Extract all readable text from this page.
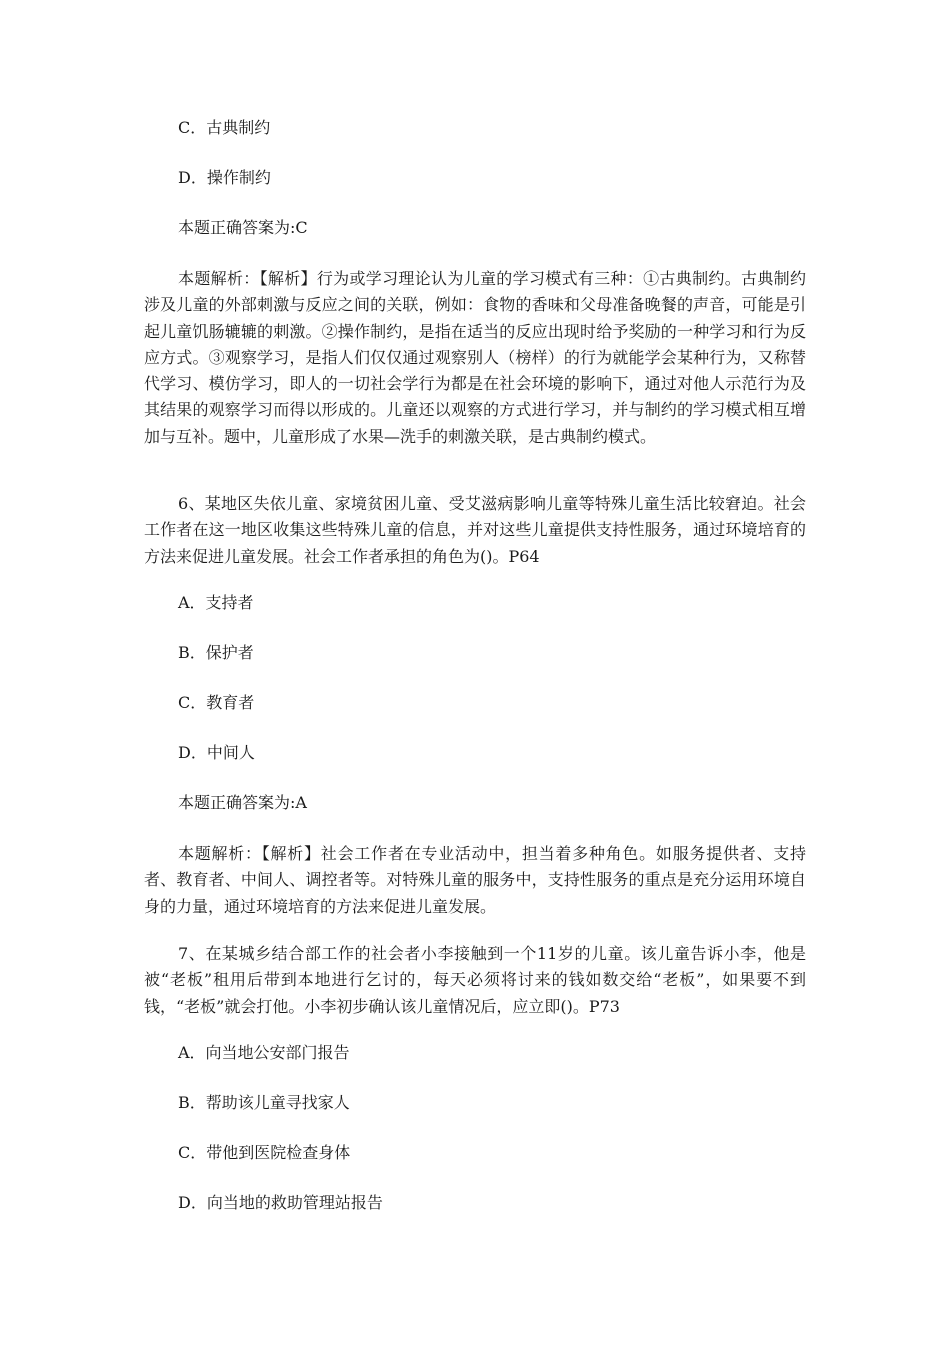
C．古典制约
D．操作制约
本题正确答案为:C
本题解析：【解析】行为或学习理论认为儿童的学习模式有三种：①古典制约。古典制约涉及儿童的外部刺激与反应之间的关联，例如：食物的香味和父母准备晚餐的声音，可能是引起儿童饥肠辘辘的刺激。②操作制约，是指在适当的反应出现时给予奖励的一种学习和行为反应方式。③观察学习，是指人们仅仅通过观察别人（榜样）的行为就能学会某种行为，又称替代学习、模仿学习，即人的一切社会学行为都是在社会环境的影响下，通过对他人示范行为及其结果的观察学习而得以形成的。儿童还以观察的方式进行学习，并与制约的学习模式相互增加与互补。题中，儿童形成了水果—洗手的刺激关联，是古典制约模式。
6、某地区失依儿童、家境贫困儿童、受艾滋病影响儿童等特殊儿童生活比较窘迫。社会工作者在这一地区收集这些特殊儿童的信息，并对这些儿童提供支持性服务，通过环境培育的方法来促进儿童发展。社会工作者承担的角色为()。P64
A．支持者
B．保护者
C．教育者
D．中间人
本题正确答案为:A
本题解析：【解析】社会工作者在专业活动中，担当着多种角色。如服务提供者、支持者、教育者、中间人、调控者等。对特殊儿童的服务中，支持性服务的重点是充分运用环境自身的力量，通过环境培育的方法来促进儿童发展。
7、在某城乡结合部工作的社会者小李接触到一个11岁的儿童。该儿童告诉小李，他是被“老板”租用后带到本地进行乞讨的，每天必须将讨来的钱如数交给“老板”，如果要不到钱，“老板”就会打他。小李初步确认该儿童情况后，应立即()。P73
A．向当地公安部门报告
B．帮助该儿童寻找家人
C．带他到医院检查身体
D．向当地的救助管理站报告
